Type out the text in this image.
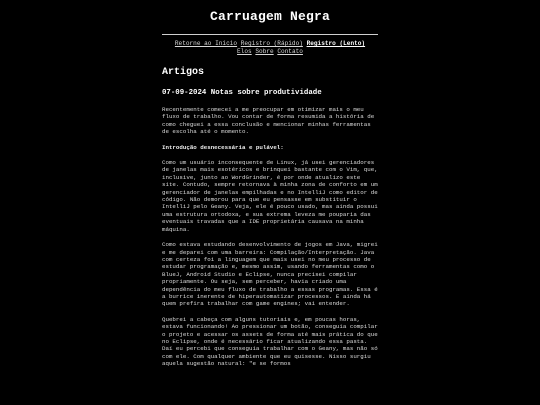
Carruagem Negra
Retorne ao Início Registro (Rápido) Registro (Lento)
Elos Sobre Contato
Artigos
07-09-2024 Notas sobre produtividade

Recentemente comecei a me preocupar em otimizar mais o meu fluxo de trabalho. Vou contar de forma resumida a história de como cheguei a essa conclusão e mencionar minhas ferramentas de escolha até o momento.

Introdução desnecessária e pulável:

Como um usuário inconsequente de Linux, já usei gerenciadores de janelas mais esotéricos e brinquei bastante com o Vim, que, inclusive, junto ao WordGrinder, é por onde atualizo este site. Contudo, sempre retornava à minha zona de conforto em um gerenciador de janelas empilhadas e no IntelliJ como editor de código. Não demorou para que eu pensasse em substituir o IntelliJ pelo Geany. Veja, ele é pouco usado, mas ainda possui uma estrutura ortodoxa, e sua extrema leveza me pouparia das eventuais travadas que a IDE proprietária causava na minha máquina.

Como estava estudando desenvolvimento de jogos em Java, migrei e me deparei com uma barreira: Compilação/Interpretação. Java com certeza foi a linguagem que mais usei no meu processo de estudar programação e, mesmo assim, usando ferramentas como o BlueJ, Android Studio e Eclipse, nunca precisei compilar propriamente. Ou seja, sem perceber, havia criado uma dependência do meu fluxo de trabalho a essas programas. Essa é a burrice inerente de hiperautomatizar processos. E ainda há quem prefira trabalhar com game engines; vai entender.

Quebrei a cabeça com alguns tutoriais e, em poucas horas, estava funcionando! Ao pressionar um botão, conseguia compilar o projeto e acessar os assets de forma até mais prática do que no Eclipse, onde é necessário ficar atualizando essa pasta. Daí eu percebi que conseguia trabalhar com o Geany, mas não só com ele. Com qualquer ambiente que eu quisesse. Nisso surgiu aquela sugestão natural: "e se formos
